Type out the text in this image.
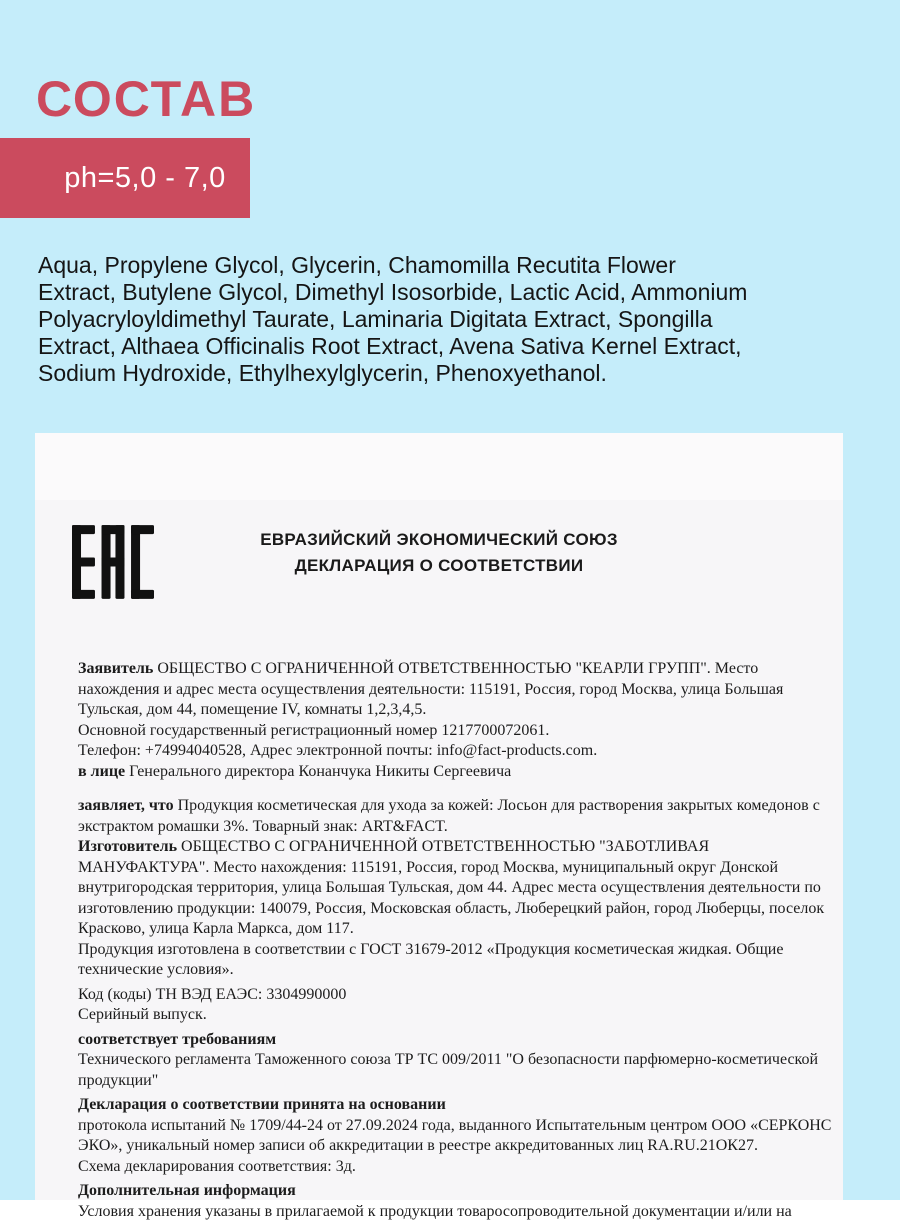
СОСТАВ
ph=5,0 - 7,0

Aqua, Propylene Glycol, Glycerin, Chamomilla Recutita Flower Extract, Butylene Glycol, Dimethyl Isosorbide, Lactic Acid, Ammonium Polyacryloyldimethyl Taurate, Laminaria Digitata Extract, Spongilla Extract, Althaea Officinalis Root Extract, Avena Sativa Kernel Extract, Sodium Hydroxide, Ethylhexylglycerin, Phenoxyethanol.

ЕВРАЗИЙСКИЙ ЭКОНОМИЧЕСКИЙ СОЮЗ
ДЕКЛАРАЦИЯ О СООТВЕТСТВИИ

Заявитель ОБЩЕСТВО С ОГРАНИЧЕННОЙ ОТВЕТСТВЕННОСТЬЮ "КЕАРЛИ ГРУПП". Место нахождения и адрес места осуществления деятельности: 115191, Россия, город Москва, улица Большая Тульская, дом 44, помещение IV, комнаты 1,2,3,4,5.

Основной государственный регистрационный номер 1217700072061.

Телефон: +74994040528, Адрес электронной почты: info@fact-products.com.

в лице Генерального директора Конанчука Никиты Сергеевича

заявляет, что Продукция косметическая для ухода за кожей: Лосьон для растворения закрытых комедонов с экстрактом ромашки 3%. Товарный знак: ART&FACT.

Изготовитель ОБЩЕСТВО С ОГРАНИЧЕННОЙ ОТВЕТСТВЕННОСТЬЮ "ЗАБОТЛИВАЯ МАНУФАКТУРА". Место нахождения: 115191, Россия, город Москва, муниципальный округ Донской внутригородская территория, улица Большая Тульская, дом 44. Адрес места осуществления деятельности по изготовлению продукции: 140079, Россия, Московская область, Люберецкий район, город Люберцы, поселок Красково, улица Карла Маркса, дом 117.

Продукция изготовлена в соответствии с ГОСТ 31679-2012 «Продукция косметическая жидкая. Общие технические условия».

Код (коды) ТН ВЭД ЕАЭС: 3304990000

Серийный выпуск.

соответствует требованиям

Технического регламента Таможенного союза ТР ТС 009/2011 "О безопасности парфюмерно-косметической продукции"

Декларация о соответствии принята на основании

протокола испытаний № 1709/44-24 от 27.09.2024 года, выданного Испытательным центром ООО «СЕРКОНС ЭКО», уникальный номер записи об аккредитации в реестре аккредитованных лиц RA.RU.21ОК27.

Схема декларирования соответствия: 3д.

Дополнительная информация

Условия хранения указаны в прилагаемой к продукции товаросопроводительной документации и/или на
